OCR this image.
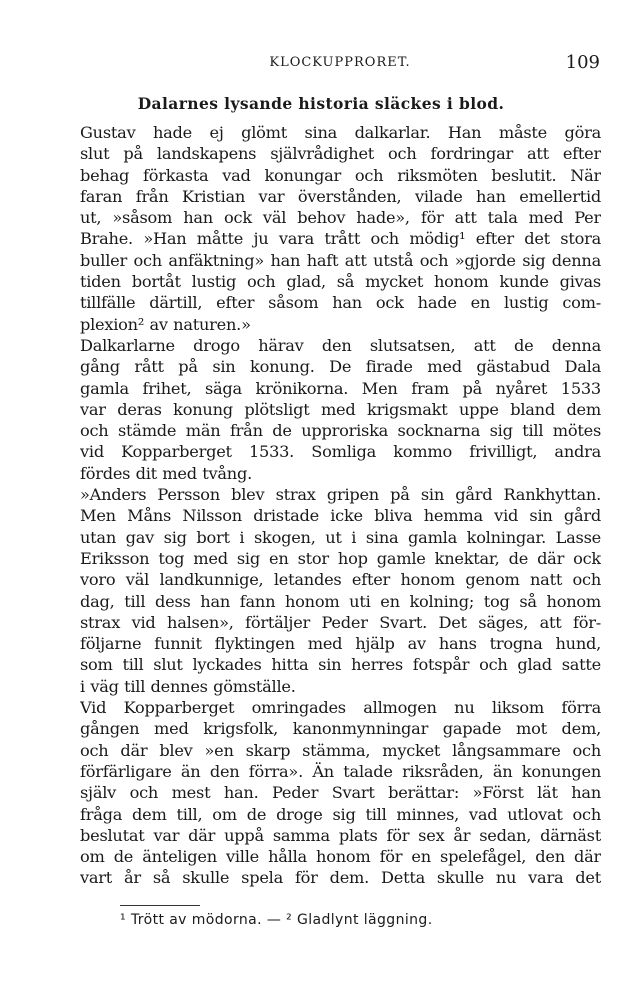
KLOCKUPPRORET.	109
Dalarnes lysande historia släckes i blod.
Gustav hade ej glömt sina dalkarlar. Han måste göra
slut på landskapens självrådighet och fordringar att efter
behag förkasta vad konungar och riksmöten beslutit. När
faran från Kristian var överstånden, vilade han emellertid
ut, »såsom han ock väl behov hade», för att tala med Per
Brahe. »Han måtte ju vara trått och mödig¹ efter det stora
buller och anfäktning» han haft att utstå och »gjorde sig denna
tiden bortåt lustig och glad, så mycket honom kunde givas
tillfälle därtill, efter såsom han ock hade en lustig com-
plexion² av naturen.»
Dalkarlarne drogo härav den slutsatsen, att de denna
gång rått på sin konung. De firade med gästabud Dala
gamla frihet, säga krönikorna. Men fram på nyåret 1533
var deras konung plötsligt med krigsmakt uppe bland dem
och stämde män från de upproriska socknarna sig till mötes
vid Kopparberget 1533. Somliga kommo frivilligt, andra
fördes dit med tvång.
»Anders Persson blev strax gripen på sin gård Rankhyttan.
Men Måns Nilsson dristade icke bliva hemma vid sin gård
utan gav sig bort i skogen, ut i sina gamla kolningar. Lasse
Eriksson tog med sig en stor hop gamle knektar, de där ock
voro väl landkunnige, letandes efter honom genom natt och
dag, till dess han fann honom uti en kolning; tog så honom
strax vid halsen», förtäljer Peder Svart. Det säges, att för-
följarne funnit flyktingen med hjälp av hans trogna hund,
som till slut lyckades hitta sin herres fotspår och glad satte
i väg till dennes gömställe.
Vid Kopparberget omringades allmogen nu liksom förra
gången med krigsfolk, kanonmynningar gapade mot dem,
och där blev »en skarp stämma, mycket långsammare och
förfärligare än den förra». Än talade riksråden, än konungen
själv och mest han. Peder Svart berättar: »Först lät han
fråga dem till, om de droge sig till minnes, vad utlovat och
beslutat var där uppå samma plats för sex år sedan, därnäst
om de änteligen ville hålla honom för en spelefågel, den där
vart år så skulle spela för dem. Detta skulle nu vara det
¹ Trött av mödorna. — ² Gladlynt läggning.
